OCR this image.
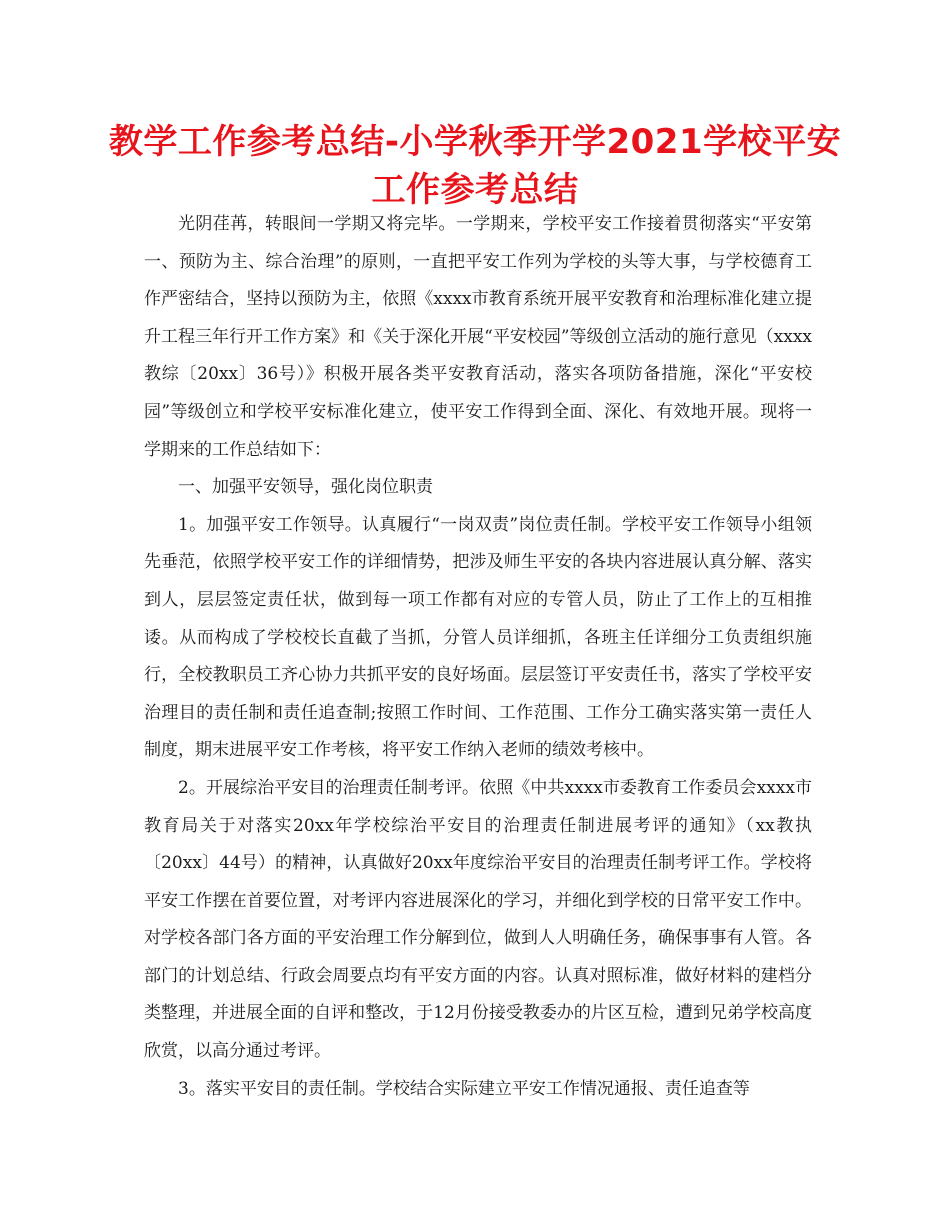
教学工作参考总结-小学秋季开学2021学校平安工作参考总结

光阴荏苒，转眼间一学期又将完毕。一学期来，学校平安工作接着贯彻落实“平安第一、预防为主、综合治理”的原则，一直把平安工作列为学校的头等大事，与学校德育工作严密结合，坚持以预防为主，依照《xxxx市教育系统开展平安教育和治理标准化建立提升工程三年行开工作方案》和《关于深化开展“平安校园”等级创立活动的施行意见（xxxx教综〔20xx〕36号）》积极开展各类平安教育活动，落实各项防备措施，深化“平安校园”等级创立和学校平安标准化建立，使平安工作得到全面、深化、有效地开展。现将一学期来的工作总结如下：

一、加强平安领导，强化岗位职责

1。加强平安工作领导。认真履行“一岗双责”岗位责任制。学校平安工作领导小组领先垂范，依照学校平安工作的详细情势，把涉及师生平安的各块内容进展认真分解、落实到人，层层签定责任状，做到每一项工作都有对应的专管人员，防止了工作上的互相推诿。从而构成了学校校长直截了当抓，分管人员详细抓，各班主任详细分工负责组织施行，全校教职员工齐心协力共抓平安的良好场面。层层签订平安责任书，落实了学校平安治理目的责任制和责任追查制;按照工作时间、工作范围、工作分工确实落实第一责任人制度，期末进展平安工作考核，将平安工作纳入老师的绩效考核中。

2。开展综治平安目的治理责任制考评。依照《中共xxxx市委教育工作委员会xxxx市教育局关于对落实20xx年学校综治平安目的治理责任制进展考评的通知》（xx教执〔20xx〕44号）的精神，认真做好20xx年度综治平安目的治理责任制考评工作。学校将平安工作摆在首要位置，对考评内容进展深化的学习，并细化到学校的日常平安工作中。对学校各部门各方面的平安治理工作分解到位，做到人人明确任务，确保事事有人管。各部门的计划总结、行政会周要点均有平安方面的内容。认真对照标准，做好材料的建档分类整理，并进展全面的自评和整改，于12月份接受教委办的片区互检，遭到兄弟学校高度欣赏，以高分通过考评。

3。落实平安目的责任制。学校结合实际建立平安工作情况通报、责任追查等
